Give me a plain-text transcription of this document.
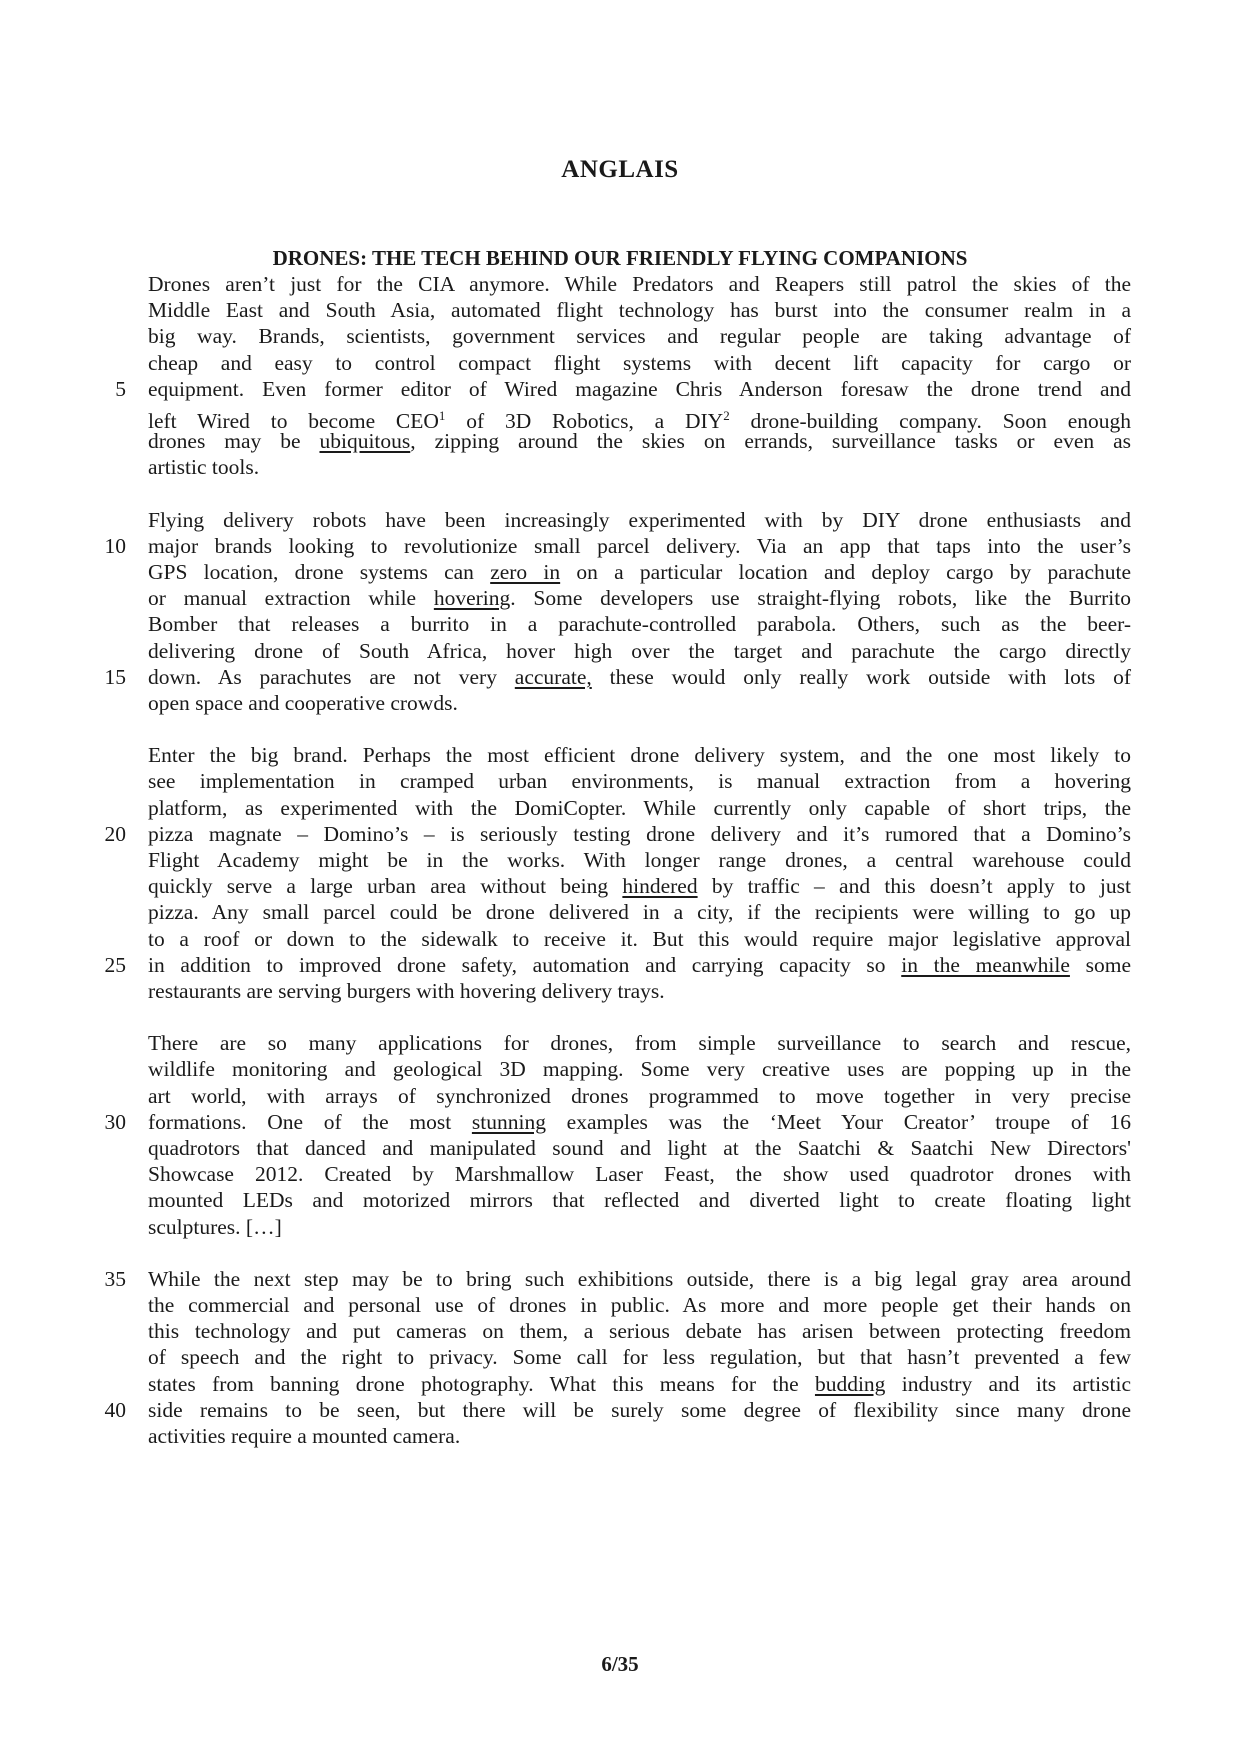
ANGLAIS
DRONES: THE TECH BEHIND OUR FRIENDLY FLYING COMPANIONS
Drones aren’t just for the CIA anymore. While Predators and Reapers still patrol the skies of the
Middle East and South Asia, automated flight technology has burst into the consumer realm in a
big way. Brands, scientists, government services and regular people are taking advantage of
cheap and easy to control compact flight systems with decent lift capacity for cargo or
equipment. Even former editor of Wired magazine Chris Anderson foresaw the drone trend and
5
left Wired to become CEO$^1$ of 3D Robotics, a DIY$^2$ drone-building company. Soon enough
drones may be ubiquitous, zipping around the skies on errands, surveillance tasks or even as
artistic tools.
Flying delivery robots have been increasingly experimented with by DIY drone enthusiasts and
major brands looking to revolutionize small parcel delivery. Via an app that taps into the user’s
10
GPS location, drone systems can zero in on a particular location and deploy cargo by parachute
or manual extraction while hovering. Some developers use straight-flying robots, like the Burrito
Bomber that releases a burrito in a parachute-controlled parabola. Others, such as the beer-
delivering drone of South Africa, hover high over the target and parachute the cargo directly
down. As parachutes are not very accurate, these would only really work outside with lots of
15
open space and cooperative crowds.
Enter the big brand. Perhaps the most efficient drone delivery system, and the one most likely to
see implementation in cramped urban environments, is manual extraction from a hovering
platform, as experimented with the DomiCopter. While currently only capable of short trips, the
pizza magnate – Domino’s – is seriously testing drone delivery and it’s rumored that a Domino’s
20
Flight Academy might be in the works. With longer range drones, a central warehouse could
quickly serve a large urban area without being hindered by traffic – and this doesn’t apply to just
pizza. Any small parcel could be drone delivered in a city, if the recipients were willing to go up
to a roof or down to the sidewalk to receive it. But this would require major legislative approval
in addition to improved drone safety, automation and carrying capacity so in the meanwhile some
25
restaurants are serving burgers with hovering delivery trays.
There are so many applications for drones, from simple surveillance to search and rescue,
wildlife monitoring and geological 3D mapping. Some very creative uses are popping up in the
art world, with arrays of synchronized drones programmed to move together in very precise
formations. One of the most stunning examples was the ‘Meet Your Creator’ troupe of 16
30
quadrotors that danced and manipulated sound and light at the Saatchi & Saatchi New Directors'
Showcase 2012. Created by Marshmallow Laser Feast, the show used quadrotor drones with
mounted LEDs and motorized mirrors that reflected and diverted light to create floating light
sculptures. […]
While the next step may be to bring such exhibitions outside, there is a big legal gray area around
35
the commercial and personal use of drones in public. As more and more people get their hands on
this technology and put cameras on them, a serious debate has arisen between protecting freedom
of speech and the right to privacy. Some call for less regulation, but that hasn’t prevented a few
states from banning drone photography. What this means for the budding industry and its artistic
side remains to be seen, but there will be surely some degree of flexibility since many drone
40
activities require a mounted camera.
6/35
